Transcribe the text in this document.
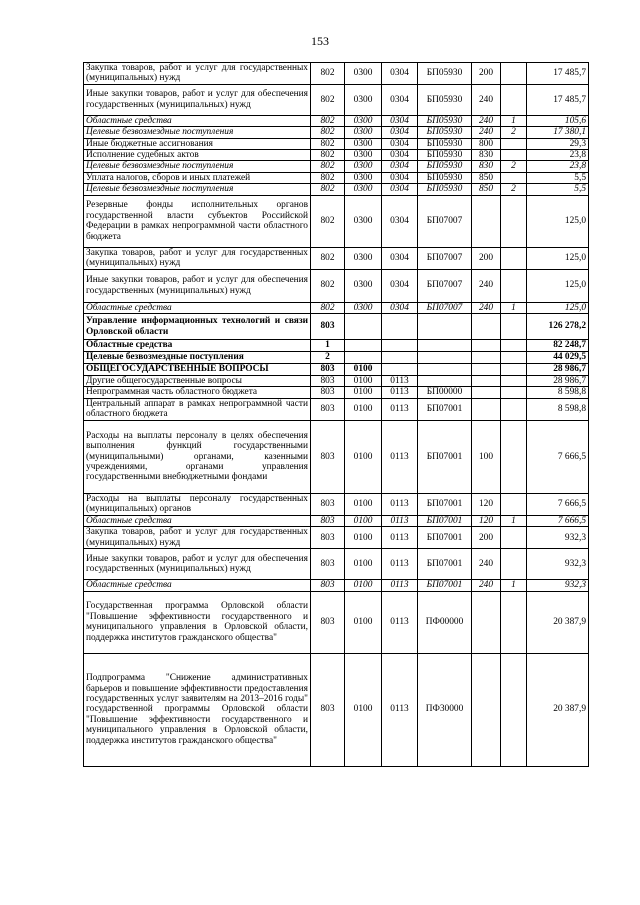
153
Закупка товаров, работ и услуг для государственных (муниципальных) нужд	802	0300	0304	БП05930	200		17 485,7
Иные закупки товаров, работ и услуг для обеспечения государственных (муниципальных) нужд	802	0300	0304	БП05930	240		17 485,7
Областные средства	802	0300	0304	БП05930	240	1	105,6
Целевые безвозмездные поступления	802	0300	0304	БП05930	240	2	17 380,1
Иные бюджетные ассигнования	802	0300	0304	БП05930	800		29,3
Исполнение судебных актов	802	0300	0304	БП05930	830		23,8
Целевые безвозмездные поступления	802	0300	0304	БП05930	830	2	23,8
Уплата налогов, сборов и иных платежей	802	0300	0304	БП05930	850		5,5
Целевые безвозмездные поступления	802	0300	0304	БП05930	850	2	5,5
Резервные фонды исполнительных органов государственной власти субъектов Российской Федерации в рамках непрограммной части областного бюджета	802	0300	0304	БП07007			125,0
Закупка товаров, работ и услуг для государственных (муниципальных) нужд	802	0300	0304	БП07007	200		125,0
Иные закупки товаров, работ и услуг для обеспечения государственных (муниципальных) нужд	802	0300	0304	БП07007	240		125,0
Областные средства	802	0300	0304	БП07007	240	1	125,0
Управление информационных технологий и связи Орловской области	803						126 278,2
Областные средства	1						82 248,7
Целевые безвозмездные поступления	2						44 029,5
ОБЩЕГОСУДАРСТВЕННЫЕ ВОПРОСЫ	803	0100					28 986,7
Другие общегосударственные вопросы	803	0100	0113				28 986,7
Непрограммная часть областного бюджета	803	0100	0113	БП00000			8 598,8
Центральный аппарат в рамках непрограммной части областного бюджета	803	0100	0113	БП07001			8 598,8
Расходы на выплаты персоналу в целях обеспечения выполнения функций государственными (муниципальными) органами, казенными учреждениями, органами управления государственными внебюджетными фондами	803	0100	0113	БП07001	100		7 666,5
Расходы на выплаты персоналу государственных (муниципальных) органов	803	0100	0113	БП07001	120		7 666,5
Областные средства	803	0100	0113	БП07001	120	1	7 666,5
Закупка товаров, работ и услуг для государственных (муниципальных) нужд	803	0100	0113	БП07001	200		932,3
Иные закупки товаров, работ и услуг для обеспечения государственных (муниципальных) нужд	803	0100	0113	БП07001	240		932,3
Областные средства	803	0100	0113	БП07001	240	1	932,3
Государственная программа Орловской области "Повышение эффективности государственного и муниципального управления в Орловской области, поддержка институтов гражданского общества"	803	0100	0113	ПФ00000			20 387,9
Подпрограмма "Снижение административных барьеров и повышение эффективности предоставления государственных услуг заявителям на 2013–2016 годы" государственной программы Орловской области "Повышение эффективности государственного и муниципального управления в Орловской области, поддержка институтов гражданского общества"	803	0100	0113	ПФ30000			20 387,9
